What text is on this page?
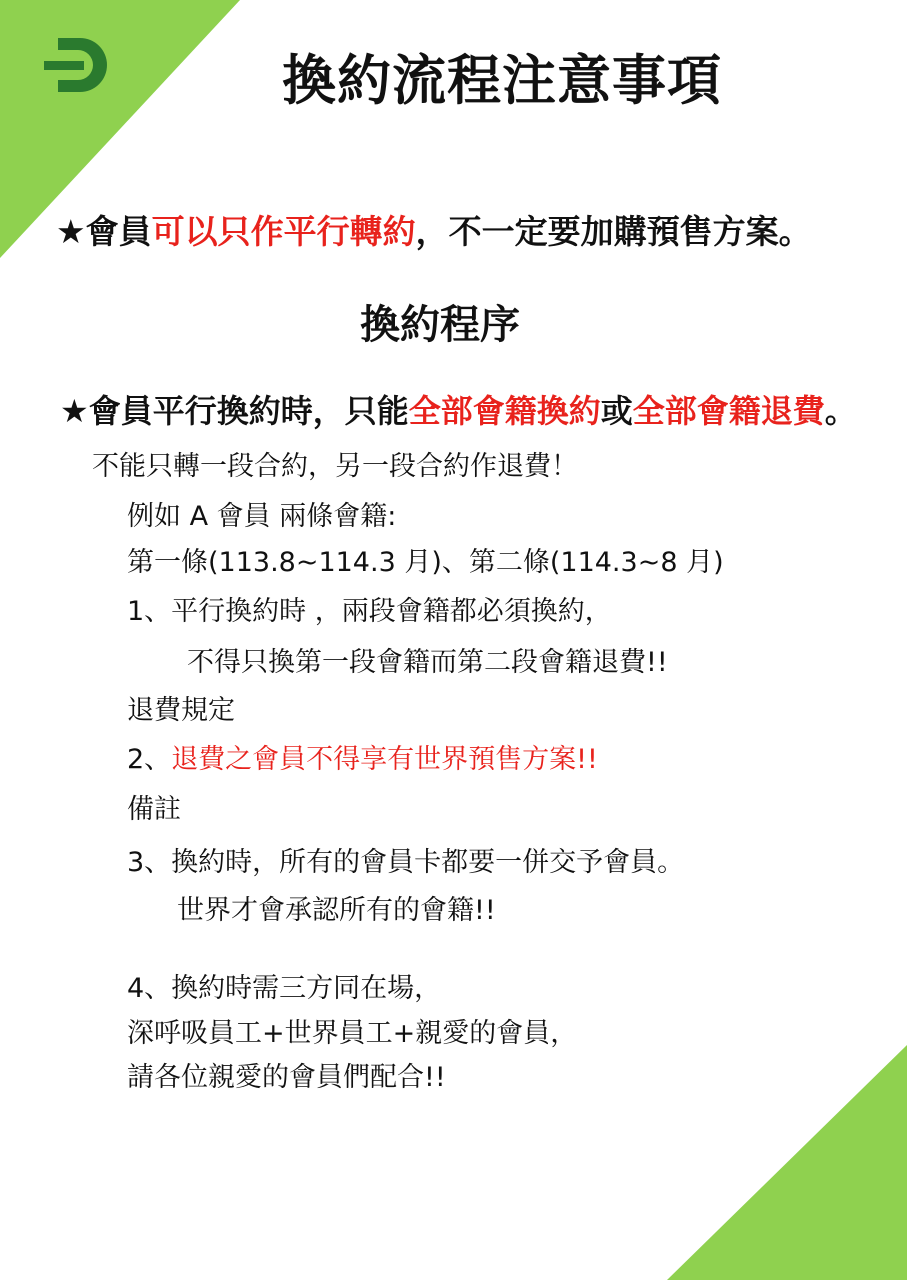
換約流程注意事項
★會員可以只作平行轉約，不一定要加購預售方案。
換約程序
★會員平行換約時，只能全部會籍換約或全部會籍退費。
不能只轉一段合約，另一段合約作退費！
例如 A 會員 兩條會籍:
第一條(113.8~114.3 月)、第二條(114.3~8 月)
1、平行換約時 ，兩段會籍都必須換約，
不得只換第一段會籍而第二段會籍退費!!
退費規定
2、退費之會員不得享有世界預售方案!!
備註
3、換約時，所有的會員卡都要一併交予會員。
世界才會承認所有的會籍!!
4、換約時需三方同在場，
深呼吸員工+世界員工+親愛的會員，
請各位親愛的會員們配合!!
